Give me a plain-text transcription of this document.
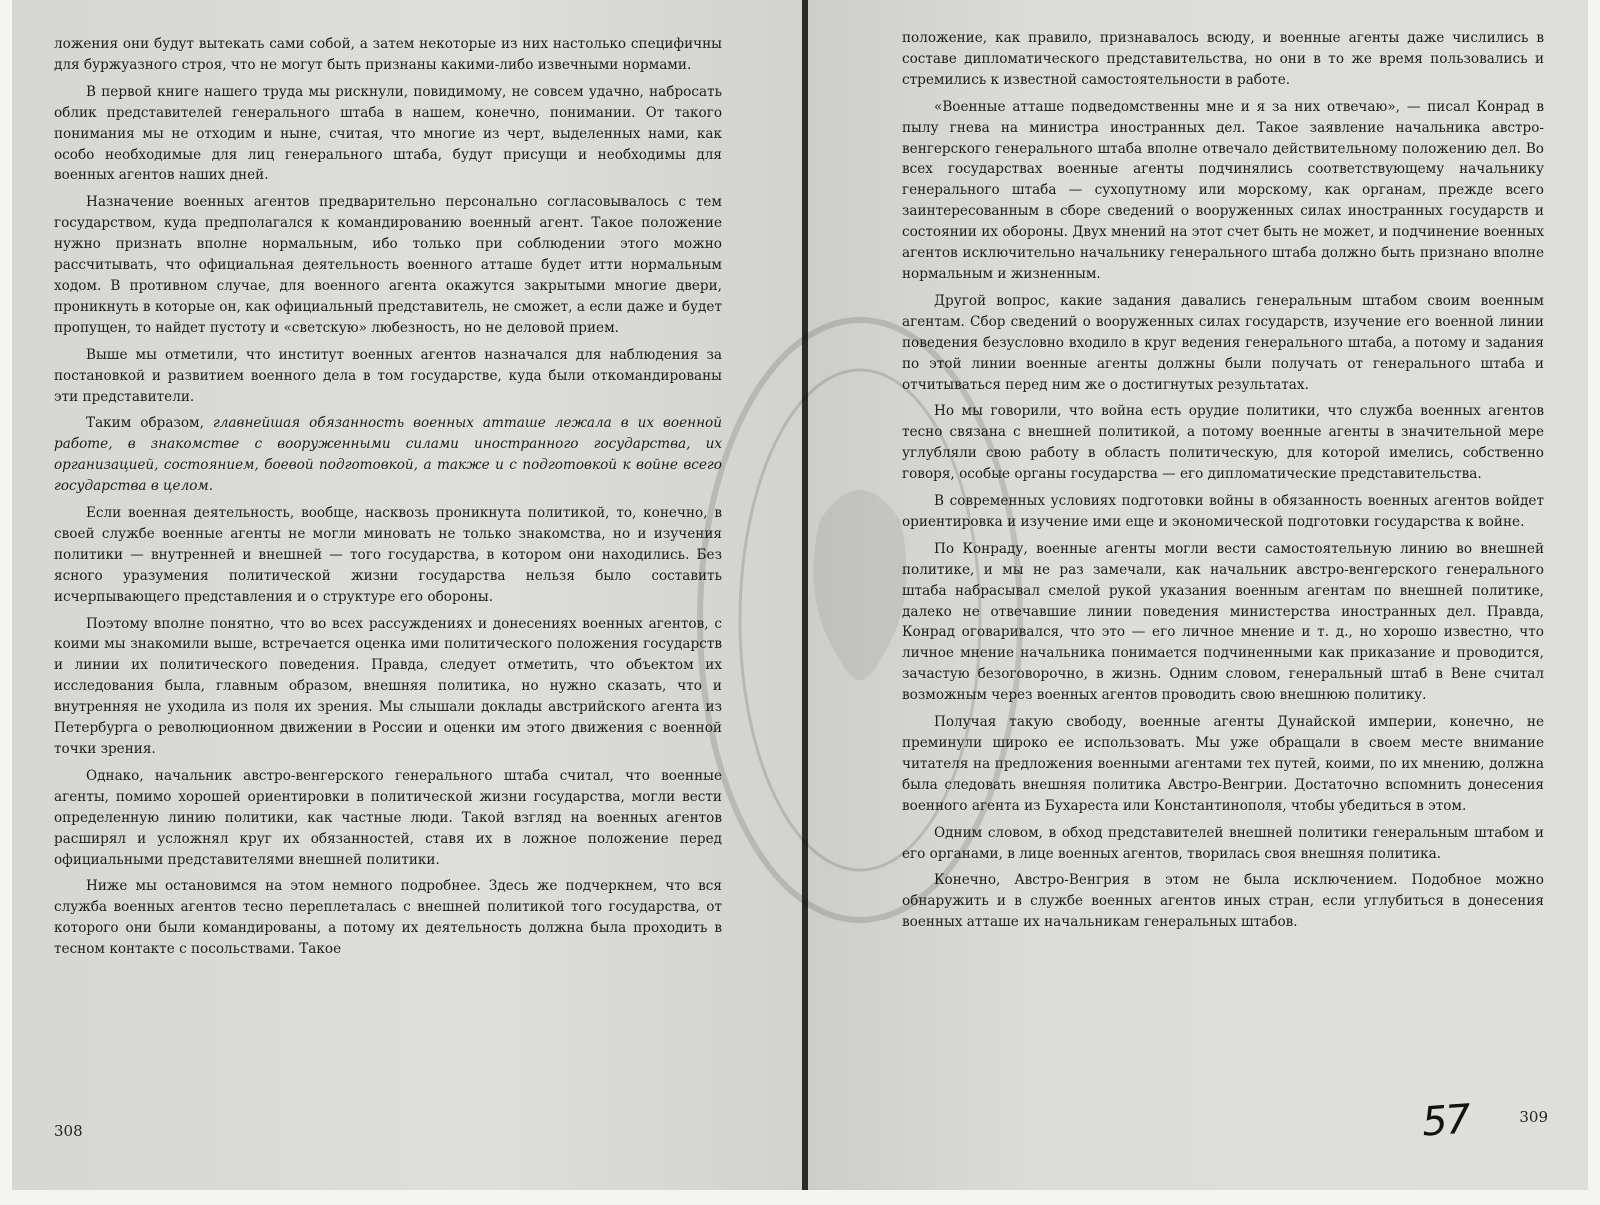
ложения они будут вытекать сами собой, а затем некоторые из них настолько специфичны для буржуазного строя, что не могут быть признаны какими-либо извечными нормами.

В первой книге нашего труда мы рискнули, повидимому, не совсем удачно, набросать облик представителей генерального штаба в нашем, конечно, понимании. От такого понимания мы не отходим и ныне, считая, что многие из черт, выделенных нами, как особо необходимые для лиц генерального штаба, будут присущи и необходимы для военных агентов наших дней.

Назначение военных агентов предварительно персонально согласовывалось с тем государством, куда предполагался к командированию военный агент. Такое положение нужно признать вполне нормальным, ибо только при соблюдении этого можно рассчитывать, что официальная деятельность военного атташе будет итти нормальным ходом. В противном случае, для военного агента окажутся закрытыми многие двери, проникнуть в которые он, как официальный представитель, не сможет, а если даже и будет пропущен, то найдет пустоту и «светскую» любезность, но не деловой прием.

Выше мы отметили, что институт военных агентов назначался для наблюдения за постановкой и развитием военного дела в том государстве, куда были откомандированы эти представители.

Таким образом, главнейшая обязанность военных атташе лежала в их военной работе, в знакомстве с вооруженными силами иностранного государства, их организацией, состоянием, боевой подготовкой, а также и с подготовкой к войне всего государства в целом.

Если военная деятельность, вообще, насквозь проникнута политикой, то, конечно, в своей службе военные агенты не могли миновать не только знакомства, но и изучения политики — внутренней и внешней — того государства, в котором они находились. Без ясного уразумения политической жизни государства нельзя было составить исчерпывающего представления и о структуре его обороны.

Поэтому вполне понятно, что во всех рассуждениях и донесениях военных агентов, с коими мы знакомили выше, встречается оценка ими политического положения государств и линии их политического поведения. Правда, следует отметить, что объектом их исследования была, главным образом, внешняя политика, но нужно сказать, что и внутренняя не уходила из поля их зрения. Мы слышали доклады австрийского агента из Петербурга о революционном движении в России и оценки им этого движения с военной точки зрения.

Однако, начальник австро-венгерского генерального штаба считал, что военные агенты, помимо хорошей ориентировки в политической жизни государства, могли вести определенную линию политики, как частные люди. Такой взгляд на военных агентов расширял и усложнял круг их обязанностей, ставя их в ложное положение перед официальными представителями внешней политики.

Ниже мы остановимся на этом немного подробнее. Здесь же подчеркнем, что вся служба военных агентов тесно переплеталась с внешней политикой того государства, от которого они были командированы, а потому их деятельность должна была проходить в тесном контакте с посольствами. Такое

308

положение, как правило, признавалось всюду, и военные агенты даже числились в составе дипломатического представительства, но они в то же время пользовались и стремились к известной самостоятельности в работе.

«Военные атташе подведомственны мне и я за них отвечаю», — писал Конрад в пылу гнева на министра иностранных дел. Такое заявление начальника австро-венгерского генерального штаба вполне отвечало действительному положению дел. Во всех государствах военные агенты подчинялись соответствующему начальнику генерального штаба — сухопутному или морскому, как органам, прежде всего заинтересованным в сборе сведений о вооруженных силах иностранных государств и состоянии их обороны. Двух мнений на этот счет быть не может, и подчинение военных агентов исключительно начальнику генерального штаба должно быть признано вполне нормальным и жизненным.

Другой вопрос, какие задания давались генеральным штабом своим военным агентам. Сбор сведений о вооруженных силах государств, изучение его военной линии поведения безусловно входило в круг ведения генерального штаба, а потому и задания по этой линии военные агенты должны были получать от генерального штаба и отчитываться перед ним же о достигнутых результатах.

Но мы говорили, что война есть орудие политики, что служба военных агентов тесно связана с внешней политикой, а потому военные агенты в значительной мере углубляли свою работу в область политическую, для которой имелись, собственно говоря, особые органы государства — его дипломатические представительства.

В современных условиях подготовки войны в обязанность военных агентов войдет ориентировка и изучение ими еще и экономической подготовки государства к войне.

По Конраду, военные агенты могли вести самостоятельную линию во внешней политике, и мы не раз замечали, как начальник австро-венгерского генерального штаба набрасывал смелой рукой указания военным агентам по внешней политике, далеко не отвечавшие линии поведения министерства иностранных дел. Правда, Конрад оговаривался, что это — его личное мнение и т. д., но хорошо известно, что личное мнение начальника понимается подчиненными как приказание и проводится, зачастую безоговорочно, в жизнь. Одним словом, генеральный штаб в Вене считал возможным через военных агентов проводить свою внешнюю политику.

Получая такую свободу, военные агенты Дунайской империи, конечно, не преминули широко ее использовать. Мы уже обращали в своем месте внимание читателя на предложения военными агентами тех путей, коими, по их мнению, должна была следовать внешняя политика Австро-Венгрии. Достаточно вспомнить донесения военного агента из Бухареста или Константинополя, чтобы убедиться в этом.

Одним словом, в обход представителей внешней политики генеральным штабом и его органами, в лице военных агентов, творилась своя внешняя политика.

Конечно, Австро-Венгрия в этом не была исключением. Подобное можно обнаружить и в службе военных агентов иных стран, если углубиться в донесения военных атташе их начальникам генеральных штабов.

57	309
